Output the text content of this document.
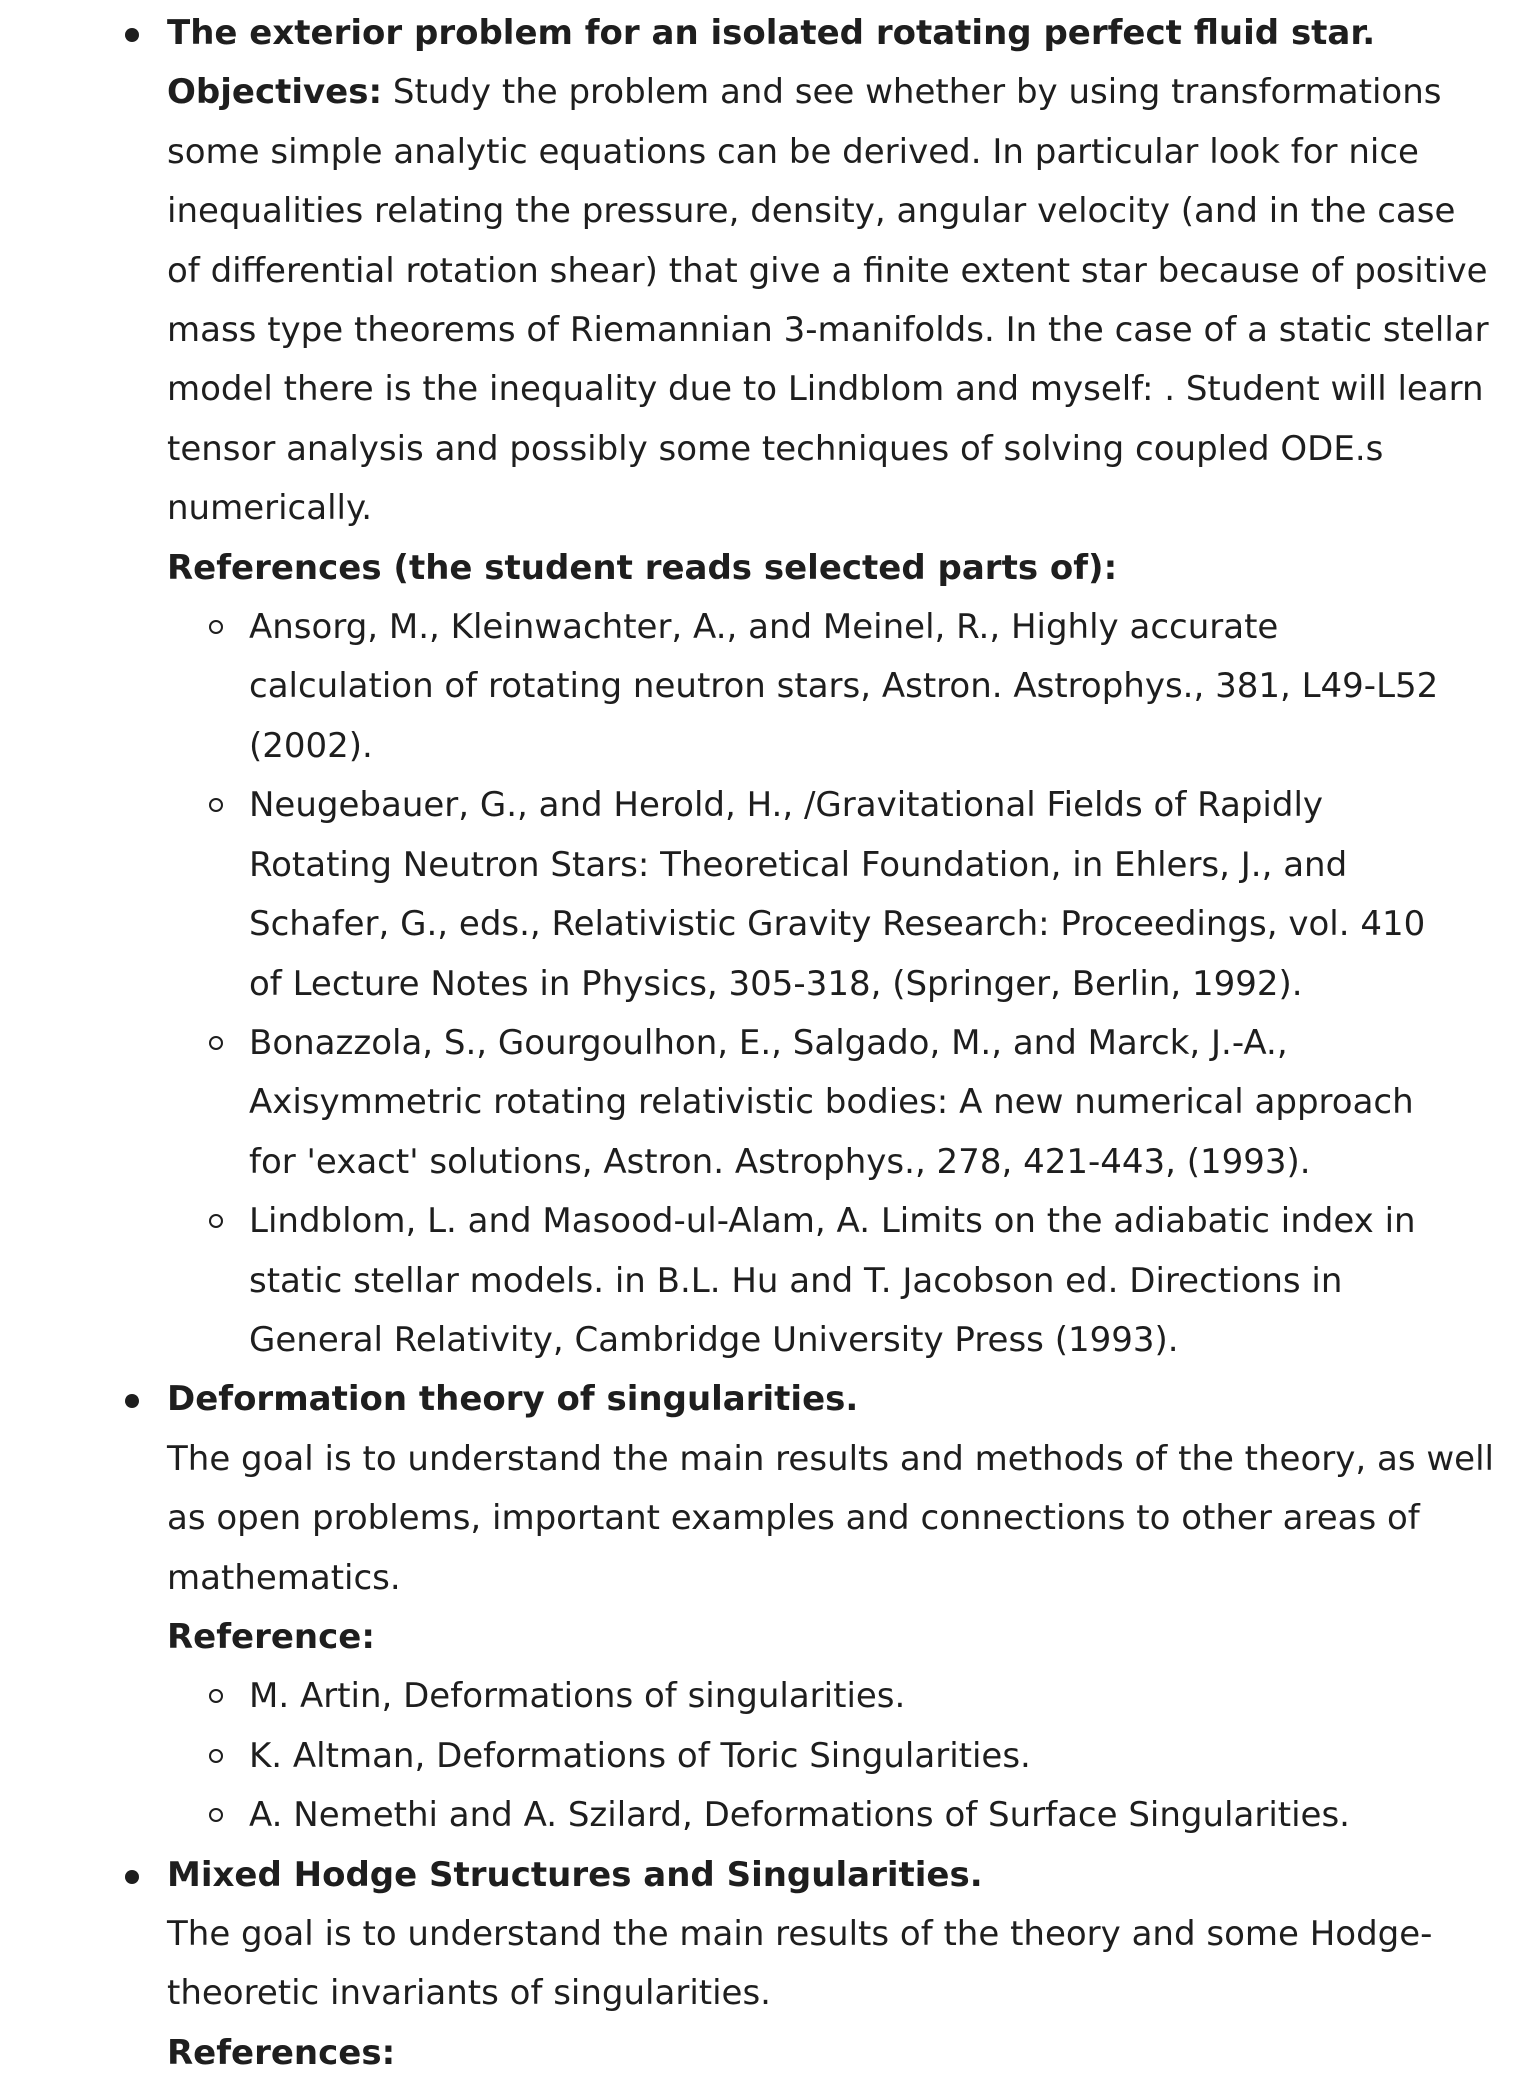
The exterior problem for an isolated rotating perfect fluid star.
Objectives: Study the problem and see whether by using transformations some simple analytic equations can be derived. In particular look for nice inequalities relating the pressure, density, angular velocity (and in the case of differential rotation shear) that give a finite extent star because of positive mass type theorems of Riemannian 3-manifolds. In the case of a static stellar model there is the inequality due to Lindblom and myself: . Student will learn tensor analysis and possibly some techniques of solving coupled ODE.s numerically.
References (the student reads selected parts of):
Ansorg, M., Kleinwachter, A., and Meinel, R., Highly accurate calculation of rotating neutron stars, Astron. Astrophys., 381, L49-L52 (2002).
Neugebauer, G., and Herold, H., /Gravitational Fields of Rapidly Rotating Neutron Stars: Theoretical Foundation, in Ehlers, J., and Schafer, G., eds., Relativistic Gravity Research: Proceedings, vol. 410 of Lecture Notes in Physics, 305-318, (Springer, Berlin, 1992).
Bonazzola, S., Gourgoulhon, E., Salgado, M., and Marck, J.-A., Axisymmetric rotating relativistic bodies: A new numerical approach for 'exact' solutions, Astron. Astrophys., 278, 421-443, (1993).
Lindblom, L. and Masood-ul-Alam, A. Limits on the adiabatic index in static stellar models. in B.L. Hu and T. Jacobson ed. Directions in General Relativity, Cambridge University Press (1993).
Deformation theory of singularities.
The goal is to understand the main results and methods of the theory, as well as open problems, important examples and connections to other areas of mathematics.
Reference:
M. Artin, Deformations of singularities.
K. Altman, Deformations of Toric Singularities.
A. Nemethi and A. Szilard, Deformations of Surface Singularities.
Mixed Hodge Structures and Singularities.
The goal is to understand the main results of the theory and some Hodge-theoretic invariants of singularities.
References:
